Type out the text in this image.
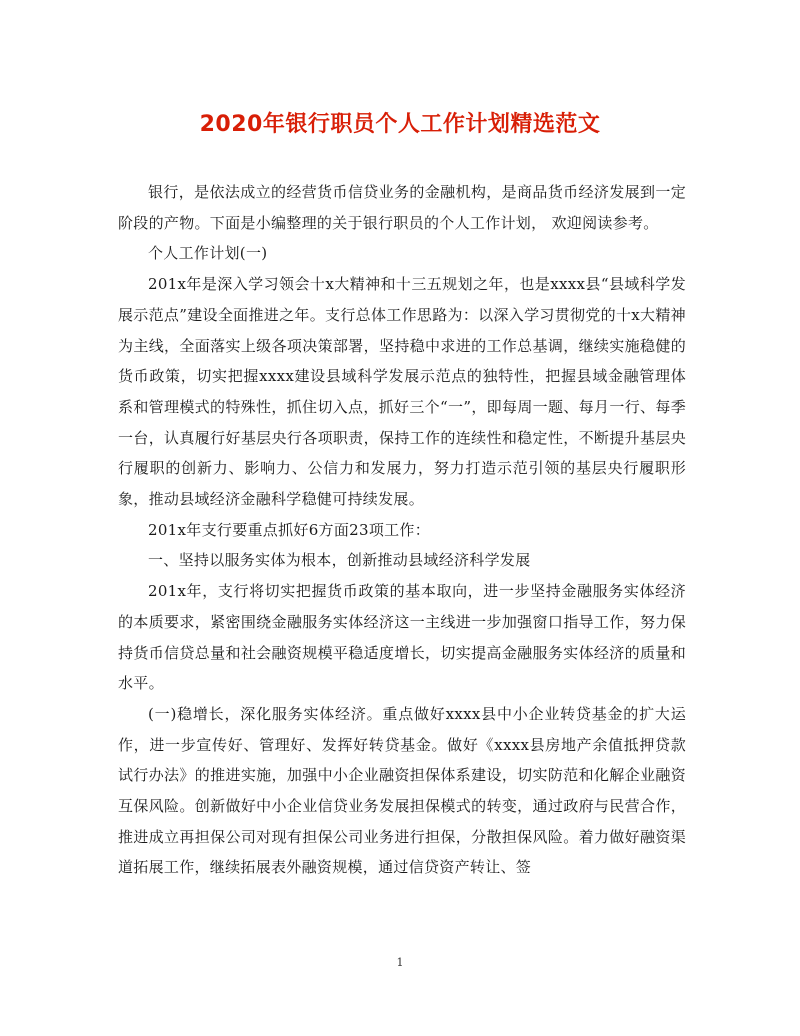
2020年银行职员个人工作计划精选范文

银行，是依法成立的经营货币信贷业务的金融机构，是商品货币经济发展到一定阶段的产物。下面是小编整理的关于银行职员的个人工作计划， 欢迎阅读参考。

个人工作计划(一)

201x年是深入学习领会十x大精神和十三五规划之年，也是xxxx县“县域科学发展示范点”建设全面推进之年。支行总体工作思路为：以深入学习贯彻党的十x大精神为主线，全面落实上级各项决策部署，坚持稳中求进的工作总基调，继续实施稳健的货币政策，切实把握xxxx建设县域科学发展示范点的独特性，把握县域金融管理体系和管理模式的特殊性，抓住切入点，抓好三个“一”，即每周一题、每月一行、每季一台，认真履行好基层央行各项职责，保持工作的连续性和稳定性，不断提升基层央行履职的创新力、影响力、公信力和发展力，努力打造示范引领的基层央行履职形象，推动县域经济金融科学稳健可持续发展。

201x年支行要重点抓好6方面23项工作：

一、坚持以服务实体为根本，创新推动县域经济科学发展

201x年，支行将切实把握货币政策的基本取向，进一步坚持金融服务实体经济的本质要求，紧密围绕金融服务实体经济这一主线进一步加强窗口指导工作，努力保持货币信贷总量和社会融资规模平稳适度增长，切实提高金融服务实体经济的质量和水平。

(一)稳增长，深化服务实体经济。重点做好xxxx县中小企业转贷基金的扩大运作，进一步宣传好、管理好、发挥好转贷基金。做好《xxxx县房地产余值抵押贷款试行办法》的推进实施，加强中小企业融资担保体系建设，切实防范和化解企业融资互保风险。创新做好中小企业信贷业务发展担保模式的转变，通过政府与民营合作，推进成立再担保公司对现有担保公司业务进行担保，分散担保风险。着力做好融资渠道拓展工作，继续拓展表外融资规模，通过信贷资产转让、签

1
